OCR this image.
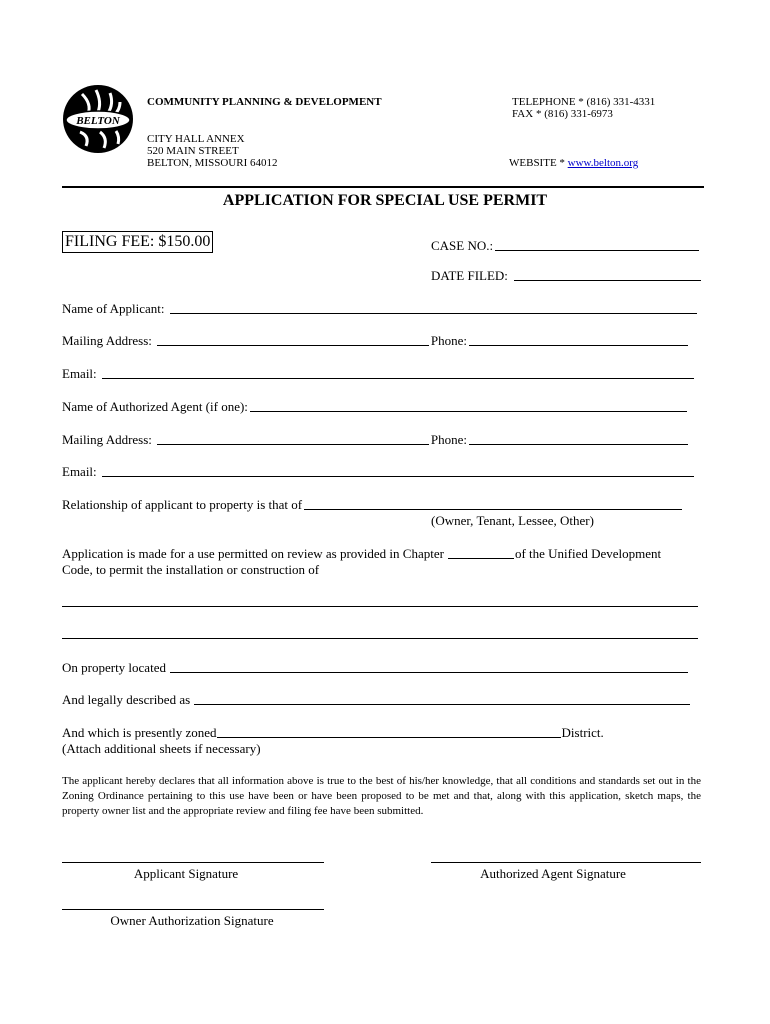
BELTON
COMMUNITY PLANNING & DEVELOPMENT
CITY HALL ANNEX
520 MAIN STREET
BELTON, MISSOURI 64012
TELEPHONE * (816) 331-4331
FAX * (816) 331-6973
WEBSITE * www.belton.org
APPLICATION FOR SPECIAL USE PERMIT
FILING FEE: $150.00	CASE NO.:
DATE FILED:
Name of Applicant:
Mailing Address:	Phone:
Email:
Name of Authorized Agent (if one):
Mailing Address:	Phone:
Email:
Relationship of applicant to property is that of
(Owner, Tenant, Lessee, Other)
Application is made for a use permitted on review as provided in Chapter	of the Unified Development
Code, to permit the installation or construction of
On property located
And legally described as
And which is presently zoned	District.
(Attach additional sheets if necessary)
The applicant hereby declares that all information above is true to the best of his/her knowledge, that all conditions and standards set out in the Zoning Ordinance pertaining to this use have been or have been proposed to be met and that, along with this application, sketch maps, the property owner list and the appropriate review and filing fee have been submitted.
Applicant Signature	Authorized Agent Signature
Owner Authorization Signature
